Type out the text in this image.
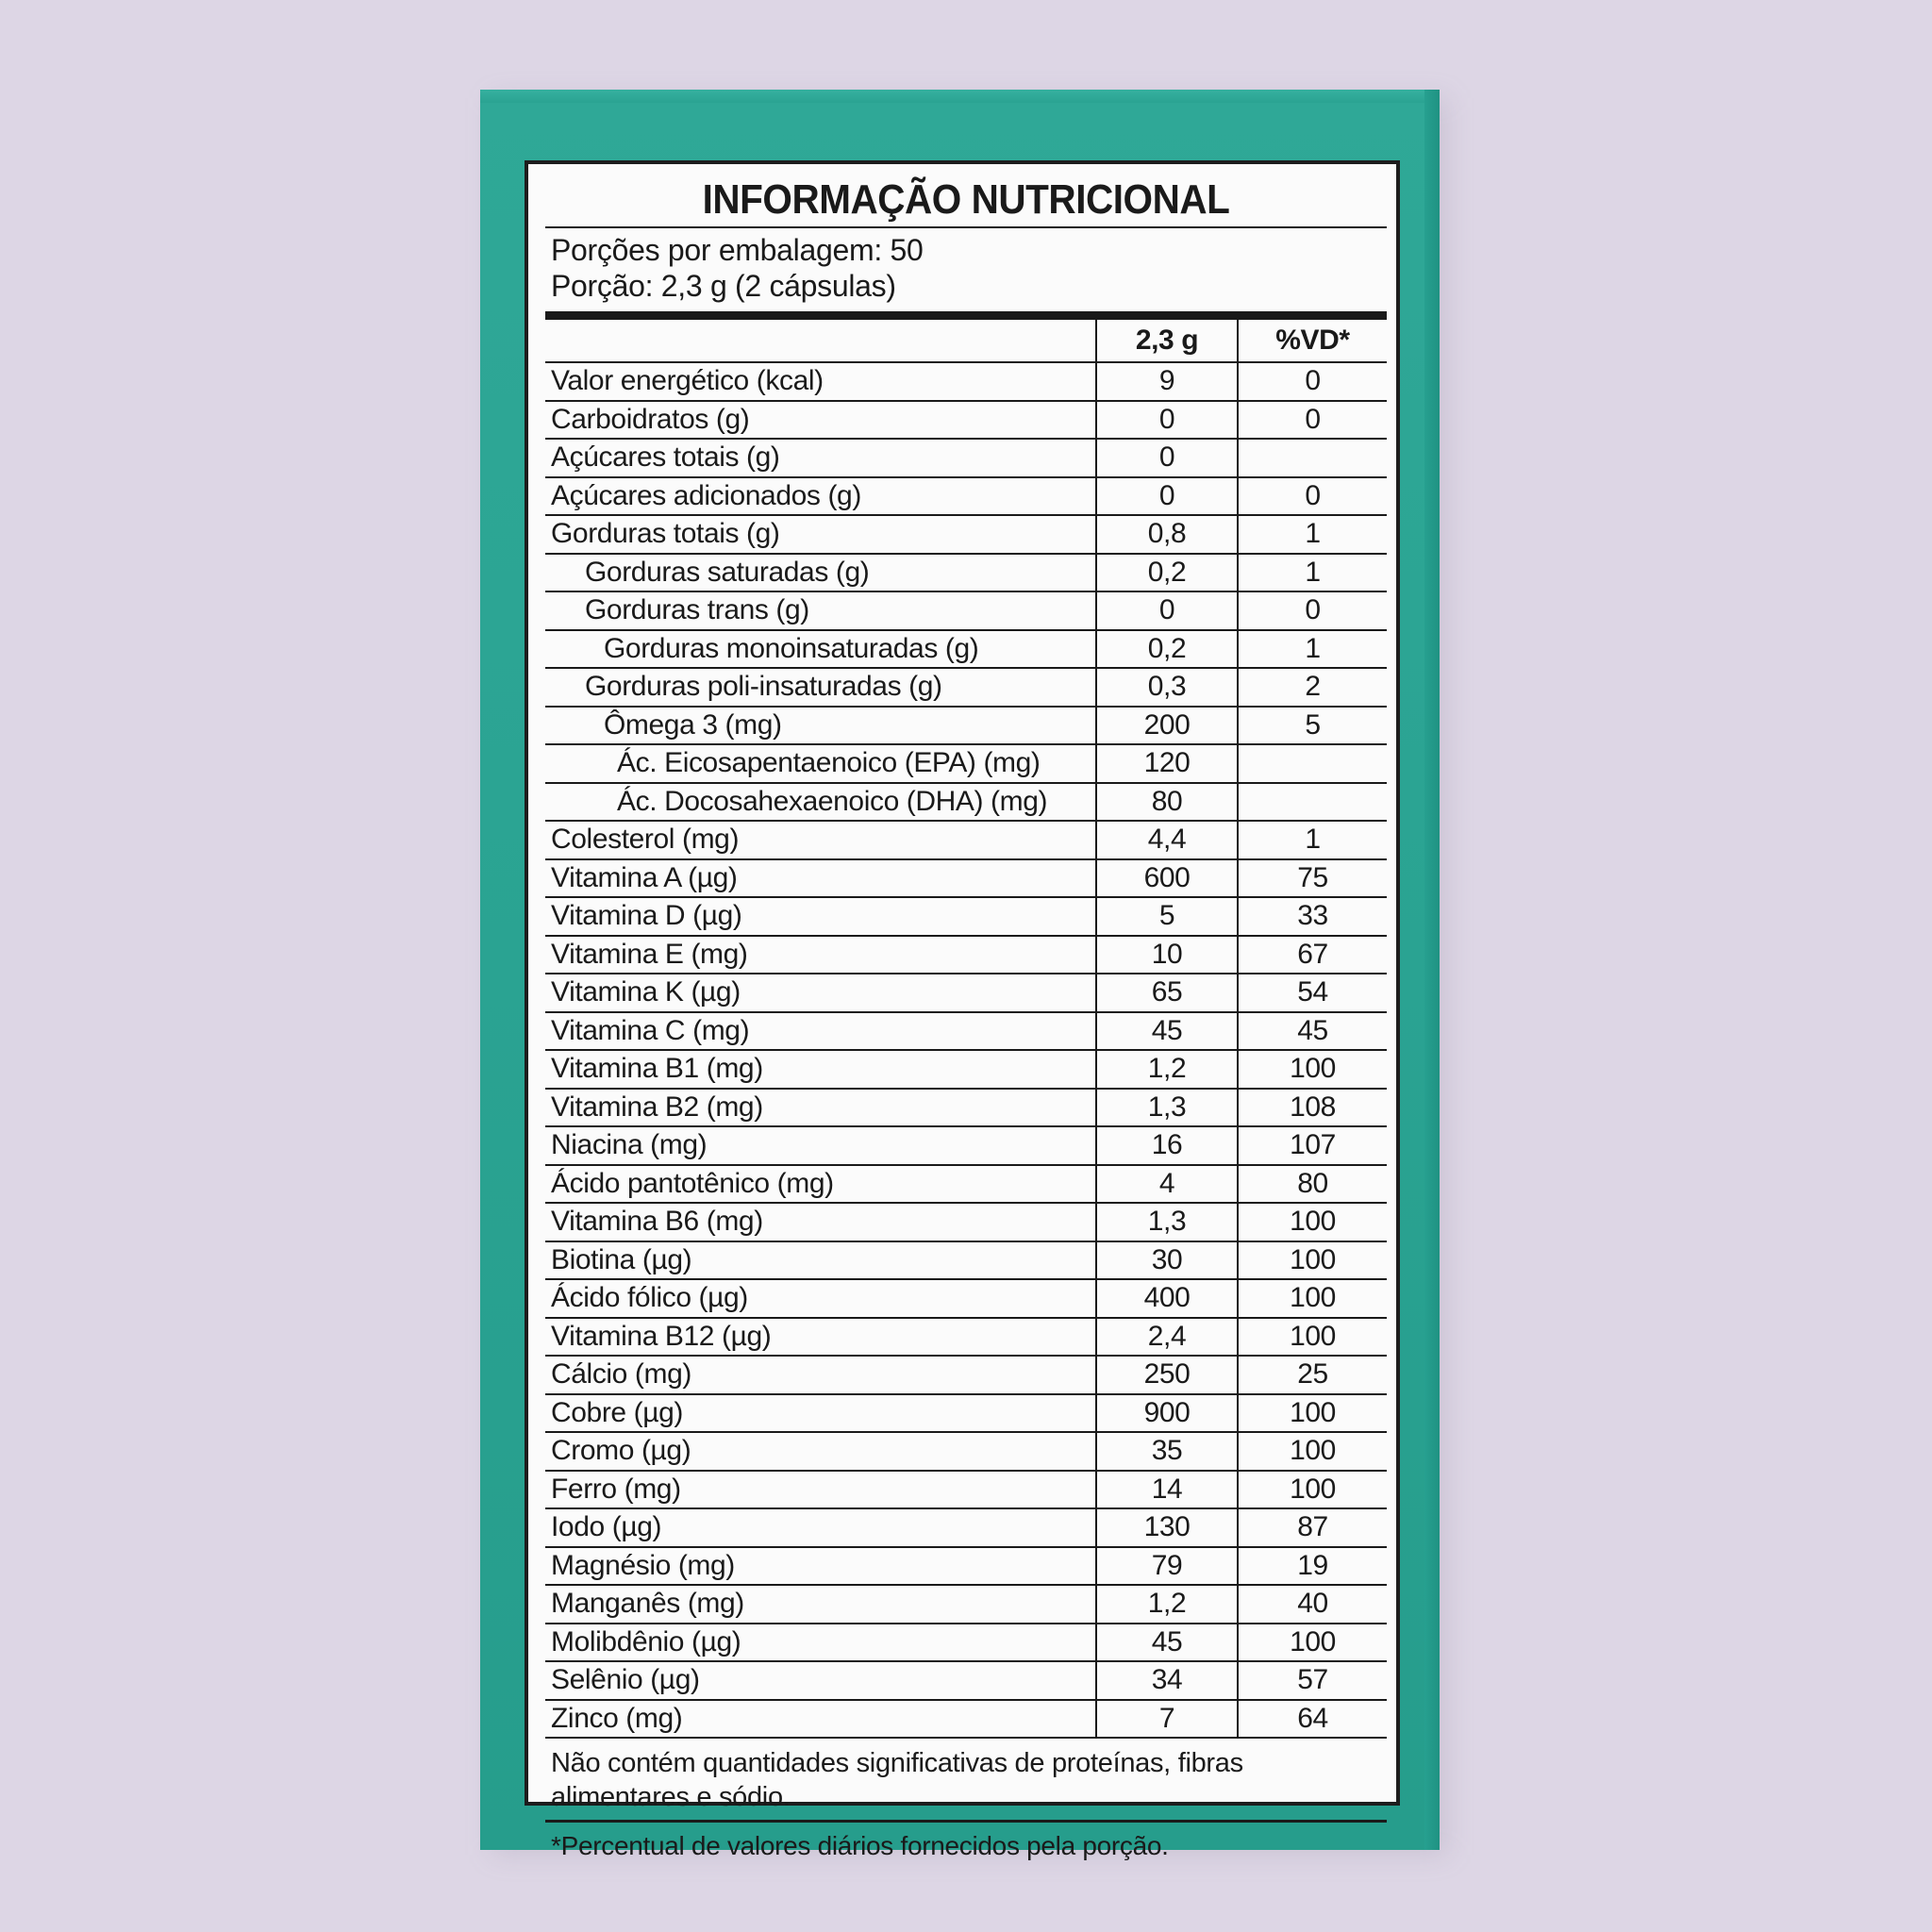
INFORMAÇÃO NUTRICIONAL
Porções por embalagem: 50
Porção: 2,3 g (2 cápsulas)
	2,3 g	%VD*
Valor energético (kcal)	9	0
Carboidratos (g)	0	0
Açúcares totais (g)	0	
Açúcares adicionados (g)	0	0
Gorduras totais (g)	0,8	1
Gorduras saturadas (g)	0,2	1
Gorduras trans (g)	0	0
Gorduras monoinsaturadas (g)	0,2	1
Gorduras poli-insaturadas (g)	0,3	2
Ômega 3 (mg)	200	5
Ác. Eicosapentaenoico (EPA) (mg)	120	
Ác. Docosahexaenoico (DHA) (mg)	80	
Colesterol (mg)	4,4	1
Vitamina A (µg)	600	75
Vitamina D (µg)	5	33
Vitamina E (mg)	10	67
Vitamina K (µg)	65	54
Vitamina C (mg)	45	45
Vitamina B1 (mg)	1,2	100
Vitamina B2 (mg)	1,3	108
Niacina (mg)	16	107
Ácido pantotênico (mg)	4	80
Vitamina B6 (mg)	1,3	100
Biotina (µg)	30	100
Ácido fólico (µg)	400	100
Vitamina B12 (µg)	2,4	100
Cálcio (mg)	250	25
Cobre (µg)	900	100
Cromo (µg)	35	100
Ferro (mg)	14	100
Iodo (µg)	130	87
Magnésio (mg)	79	19
Manganês (mg)	1,2	40
Molibdênio (µg)	45	100
Selênio (µg)	34	57
Zinco (mg)	7	64
Não contém quantidades significativas de proteínas, fibras alimentares e sódio.
*Percentual de valores diários fornecidos pela porção.
